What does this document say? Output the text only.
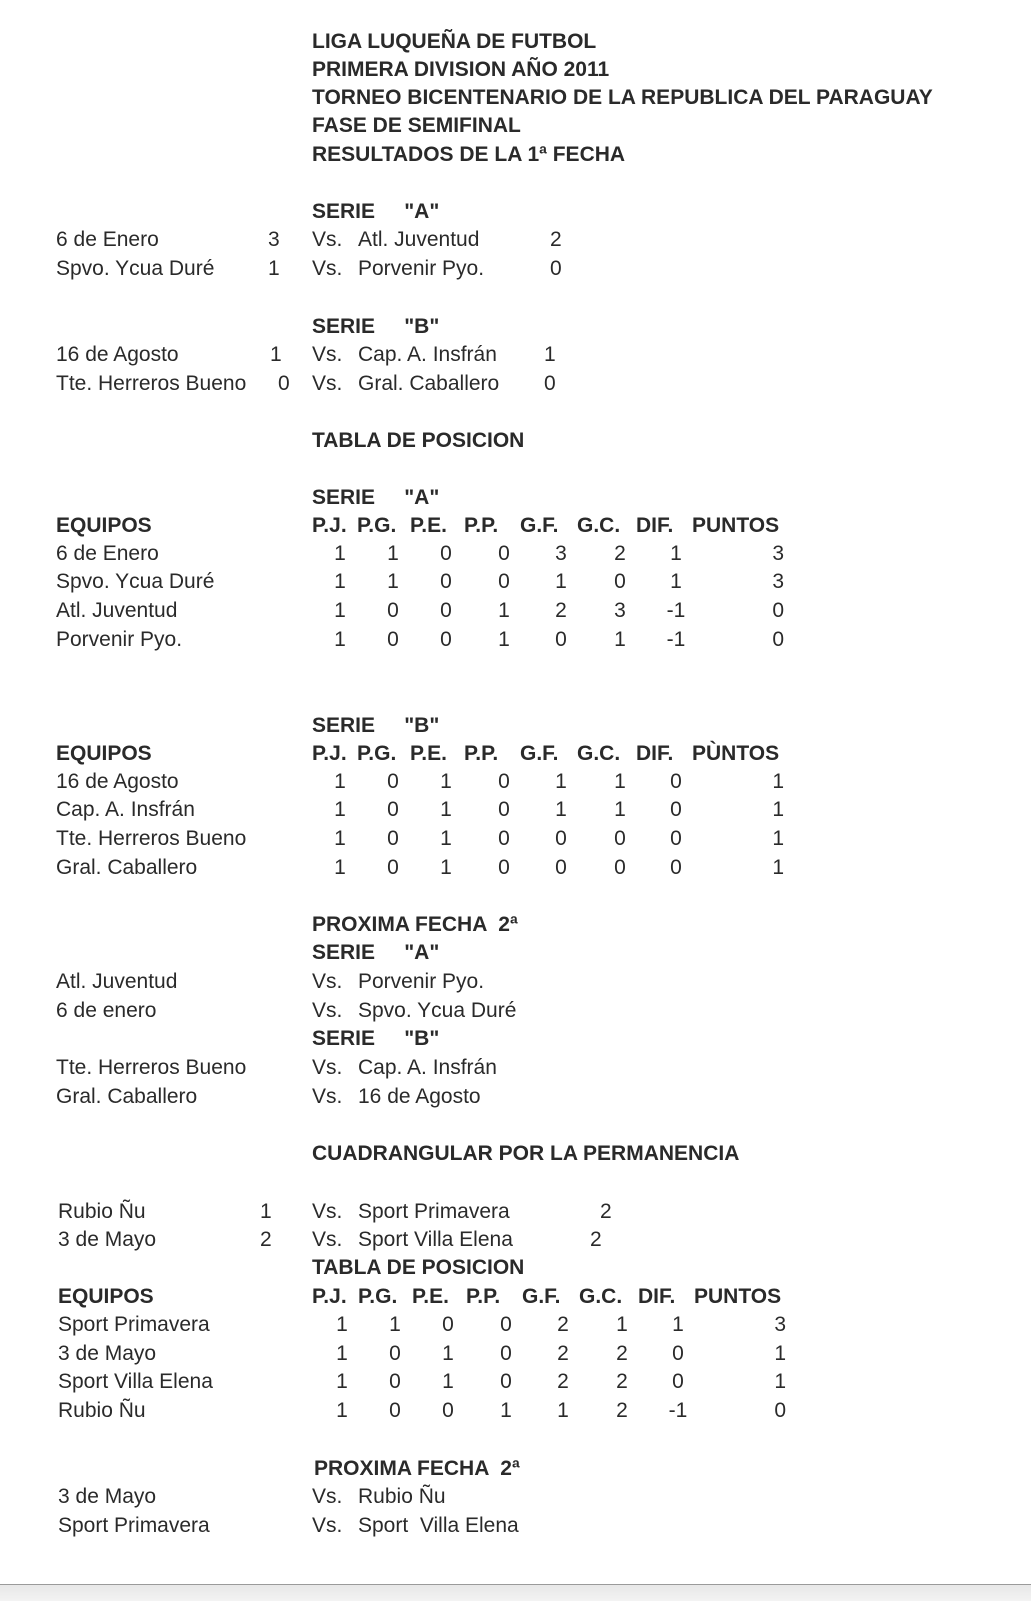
LIGA LUQUEÑA DE FUTBOL
PRIMERA DIVISION AÑO 2011
TORNEO BICENTENARIO DE LA REPUBLICA DEL PARAGUAY
FASE DE SEMIFINAL
RESULTADOS DE LA 1ª FECHA
SERIE     "A"
6 de Enero	3 Vs. Atl. Juventud	2
Spvo. Ycua Duré	1 Vs. Porvenir Pyo.	0
SERIE     "B"
16 de Agosto	1 Vs. Cap. A. Insfrán 1
Tte. Herreros Bueno 0 Vs. Gral. Caballero 0
TABLA DE POSICION
SERIE     "A"
EQUIPOS	P.J. P.G. P.E. P.P. G.F. G.C. DIF. PUNTOS
6 de Enero	1	1	0	0	3	2	1	3
Spvo. Ycua Duré	1	1	0	0	1	0	1	3
Atl. Juventud	1	0	0	1	2	3	-1	0
Porvenir Pyo.	1	0	0	1	0	1	-1	0
SERIE     "B"
EQUIPOS	P.J. P.G. P.E. P.P. G.F. G.C. DIF. PÙNTOS
16 de Agosto	1	0	1	0	1	1	0	1
Cap. A. Insfrán	1	0	1	0	1	1	0	1
Tte. Herreros Bueno	1	0	1	0	0	0	0	1
Gral. Caballero	1	0	1	0	0	0	0	1
PROXIMA FECHA  2ª
SERIE     "A"
Atl. Juventud	Vs. Porvenir Pyo.
6 de enero	Vs. Spvo. Ycua Duré
SERIE     "B"
Tte. Herreros Bueno	Vs. Cap. A. Insfrán
Gral. Caballero	Vs. 16 de Agosto
CUADRANGULAR POR LA PERMANENCIA
Rubio Ñu	1 Vs. Sport Primavera	2
3 de Mayo	2 Vs. Sport Villa Elena	2
TABLA DE POSICION
EQUIPOS	P.J. P.G. P.E. P.P. G.F. G.C. DIF. PUNTOS
Sport Primavera	1	1	0	0	2	1	1	3
3 de Mayo	1	0	1	0	2	2	0	1
Sport Villa Elena	1	0	1	0	2	2	0	1
Rubio Ñu	1	0	0	1	1	2	-1	0
PROXIMA FECHA  2ª
3 de Mayo	Vs. Rubio Ñu
Sport Primavera	Vs. Sport  Villa Elena
